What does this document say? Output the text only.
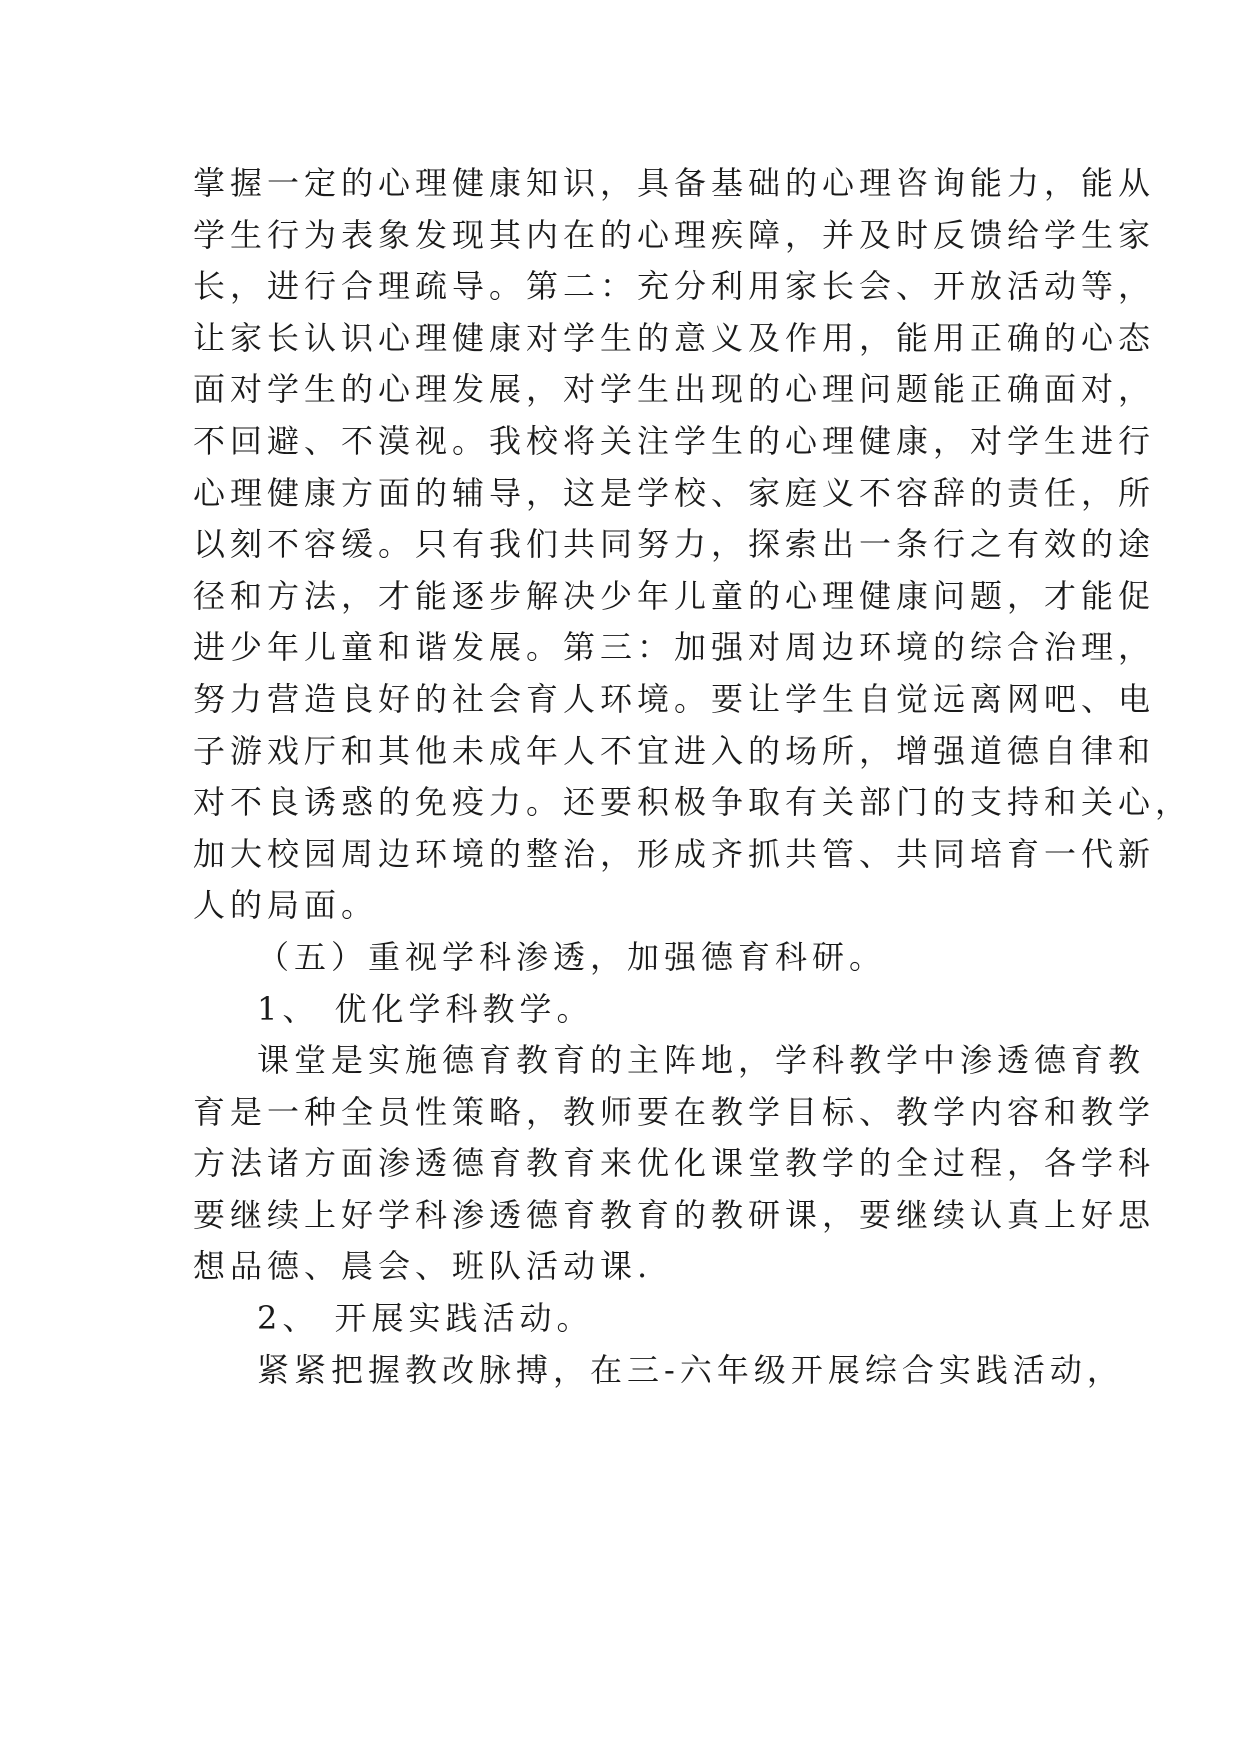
掌握一定的心理健康知识，具备基础的心理咨询能力，能从
学生行为表象发现其内在的心理疾障，并及时反馈给学生家
长，进行合理疏导。第二：充分利用家长会、开放活动等，
让家长认识心理健康对学生的意义及作用，能用正确的心态
面对学生的心理发展，对学生出现的心理问题能正确面对，
不回避、不漠视。我校将关注学生的心理健康，对学生进行
心理健康方面的辅导，这是学校、家庭义不容辞的责任，所
以刻不容缓。只有我们共同努力，探索出一条行之有效的途
径和方法，才能逐步解决少年儿童的心理健康问题，才能促
进少年儿童和谐发展。第三：加强对周边环境的综合治理，
努力营造良好的社会育人环境。要让学生自觉远离网吧、电
子游戏厅和其他未成年人不宜进入的场所，增强道德自律和
对不良诱惑的免疫力。还要积极争取有关部门的支持和关心，
加大校园周边环境的整治，形成齐抓共管、共同培育一代新
人的局面。
（五）重视学科渗透，加强德育科研。
1、 优化学科教学。
课堂是实施德育教育的主阵地，学科教学中渗透德育教
育是一种全员性策略，教师要在教学目标、教学内容和教学
方法诸方面渗透德育教育来优化课堂教学的全过程，各学科
要继续上好学科渗透德育教育的教研课，要继续认真上好思
想品德、晨会、班队活动课.
2、 开展实践活动。
紧紧把握教改脉搏，在三-六年级开展综合实践活动，
